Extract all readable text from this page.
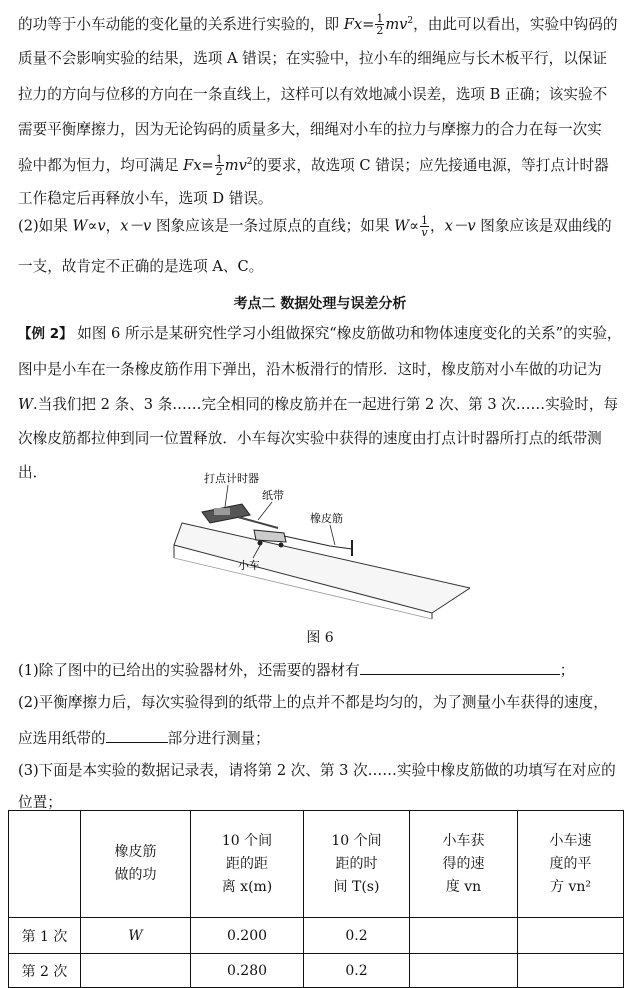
的功等于小车动能的变化量的关系进行实验的，即 $Fx= \frac{1}{2} mv^2$，由此可以看出，实验中钩码的
质量不会影响实验的结果，选项 A 错误；在实验中，拉小车的细绳应与长木板平行，以保证
拉力的方向与位移的方向在一条直线上，这样可以有效地减小误差，选项 B 正确；该实验不
需要平衡摩擦力，因为无论钩码的质量多大，细绳对小车的拉力与摩擦力的合力在每一次实
验中都为恒力，均可满足 $Fx= \frac{1}{2} mv^2$的要求，故选项 C 错误；应先接通电源，等打点计时器
工作稳定后再释放小车，选项 D 错误。
(2)如果 W∝v，x－v 图象应该是一条过原点的直线；如果 $W\propto \frac{1}{v}$ ，x－v 图象应该是双曲线的
一支，故肯定不正确的是选项 A、C。
考点二 数据处理与误差分析
【例 2】 如图 6 所示是某研究性学习小组做探究“橡皮筋做功和物体速度变化的关系”的实验，
图中是小车在一条橡皮筋作用下弹出，沿木板滑行的情形．这时，橡皮筋对小车做的功记为
W.当我们把 2 条、3 条……完全相同的橡皮筋并在一起进行第 2 次、第 3 次……实验时，每
次橡皮筋都拉伸到同一位置释放．小车每次实验中获得的速度由打点计时器所打点的纸带测
出．	打点计时器
纸带
橡皮筋
小车
图 6
(1)除了图中的已给出的实验器材外，还需要的器材有	；
(2)平衡摩擦力后，每次实验得到的纸带上的点并不都是均匀的，为了测量小车获得的速度，
应选用纸带的	部分进行测量；
(3)下面是本实验的数据记录表，请将第 2 次、第 3 次……实验中橡皮筋做的功填写在对应的
位置；
	橡皮筋
做的功	10 个间
距的距
离 x(m)	10 个间
距的时
间 T(s)	小车获
得的速
度 vn	小车速
度的平
方 vn²
第 1 次	W	0.200	0.2		
第 2 次		0.280	0.2		
